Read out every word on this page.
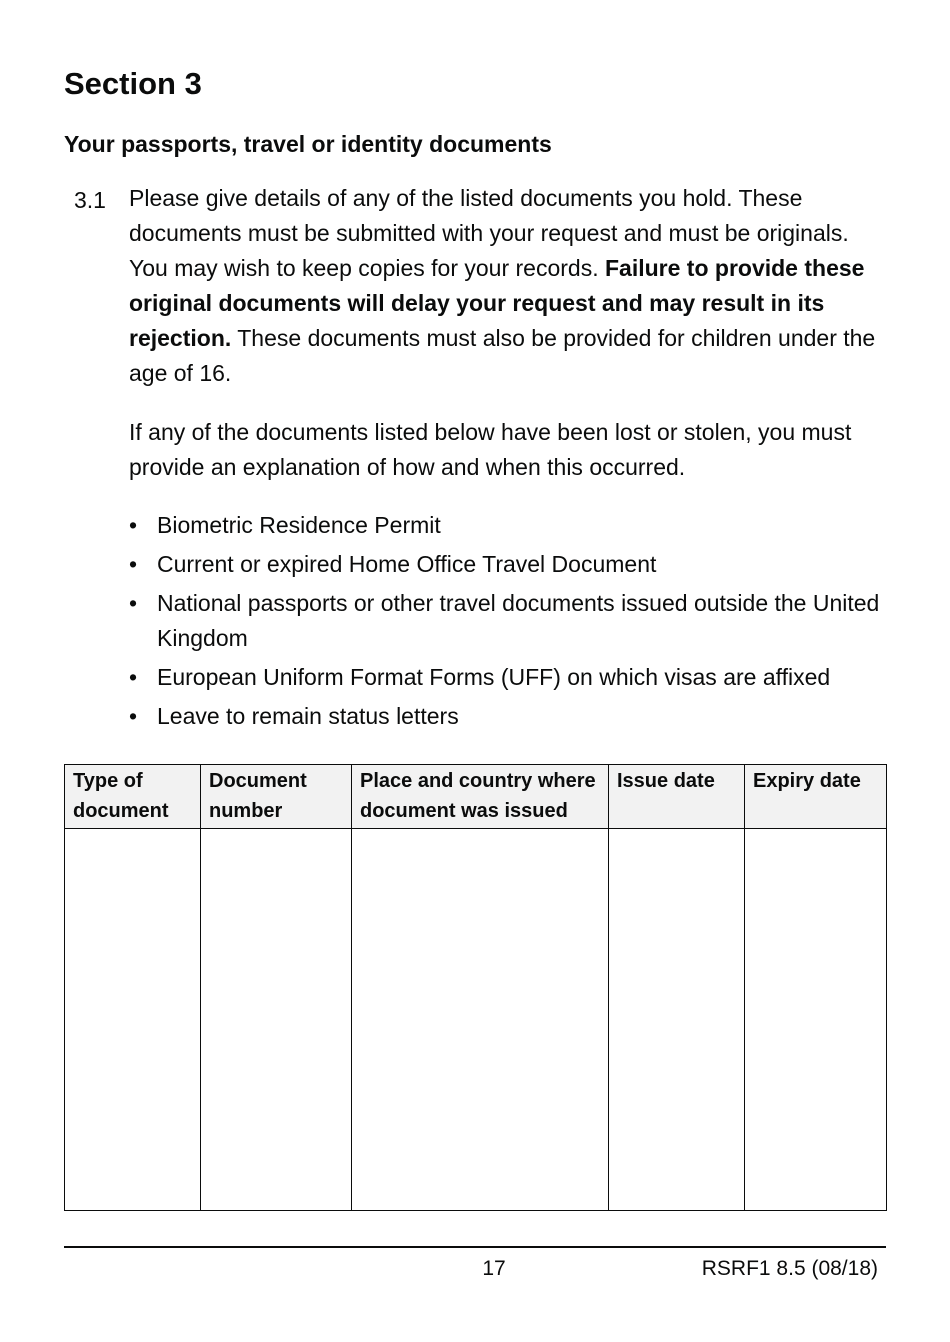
Section 3
Your passports, travel or identity documents
3.1 Please give details of any of the listed documents you hold. These documents must be submitted with your request and must be originals. You may wish to keep copies for your records. Failure to provide these original documents will delay your request and may result in its rejection. These documents must also be provided for children under the age of 16.

If any of the documents listed below have been lost or stolen, you must provide an explanation of how and when this occurred.

• Biometric Residence Permit
• Current or expired Home Office Travel Document
• National passports or other travel documents issued outside the United Kingdom
• European Uniform Format Forms (UFF) on which visas are affixed
• Leave to remain status letters
Type of document	Document number	Place and country where document was issued	Issue date	Expiry date

17	RSRF1 8.5 (08/18)
